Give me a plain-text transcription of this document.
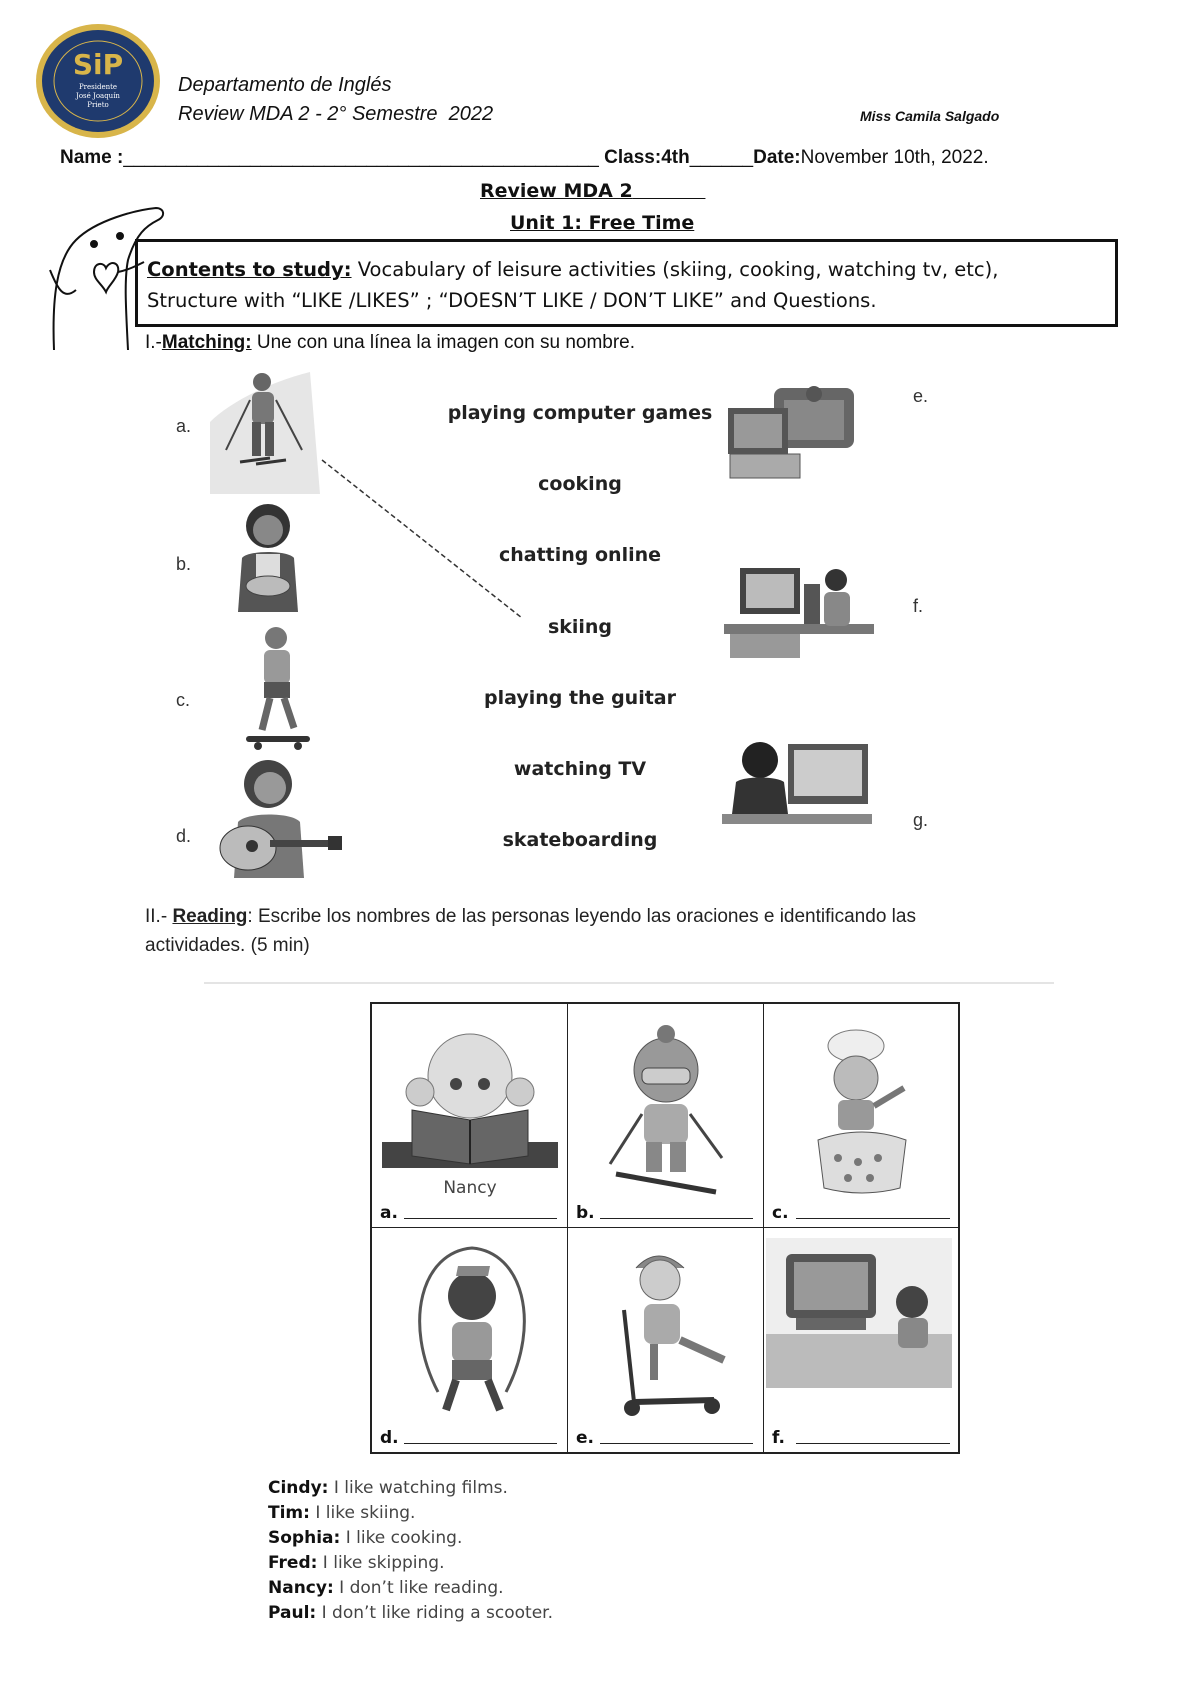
SiP
Presidente
José Joaquín
Prieto
Departamento de Inglés
Review MDA 2 - 2° Semestre  2022	Miss Camila Salgado
Name :_____________________________________________ Class:4th______Date:November 10th, 2022.
Review MDA 2
Unit 1: Free Time
Contents to study: Vocabulary of leisure activities (skiing, cooking, watching tv, etc),
Structure with “LIKE /LIKES” ; “DOESN’T LIKE / DON’T LIKE” and Questions.
I.-Matching: Une con una línea la imagen con su nombre.
a.
b.
c.
d.
e.
f.
g.
playing computer games
cooking
chatting online
skiing
playing the guitar
watching TV
skateboarding
II.- Reading: Escribe los nombres de las personas leyendo las oraciones e identificando las
actividades. (5 min)
Nancy
a.	b.	c.
d.	e.	f.
Cindy: I like watching films.
Tim: I like skiing.
Sophia: I like cooking.
Fred: I like skipping.
Nancy: I don’t like reading.
Paul: I don’t like riding a scooter.
